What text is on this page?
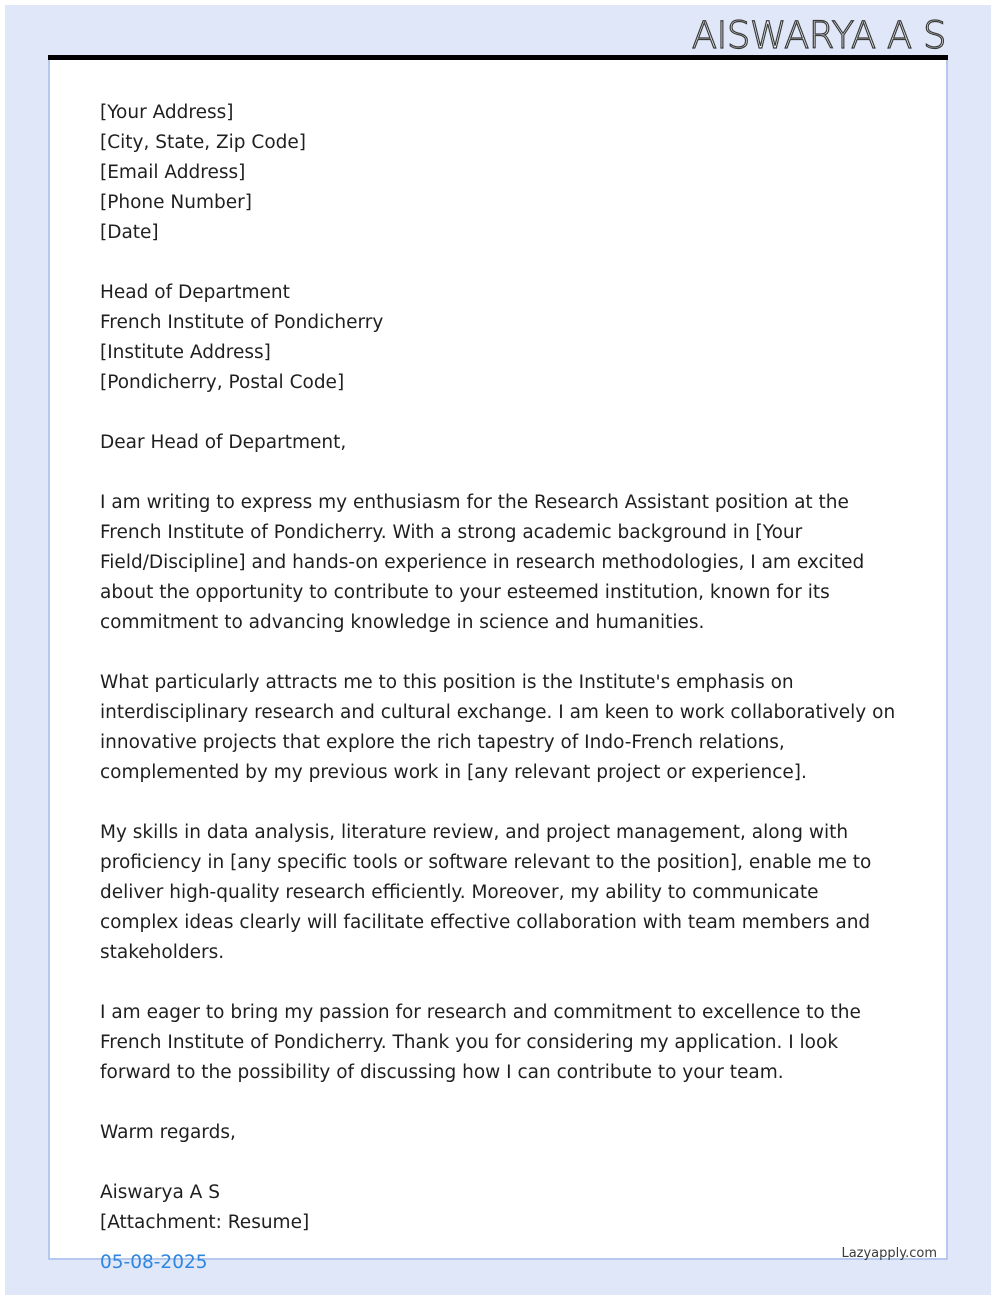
AISWARYA A S
[Your Address]
[City, State, Zip Code]
[Email Address]
[Phone Number]
[Date]
Head of Department
French Institute of Pondicherry
[Institute Address]
[Pondicherry, Postal Code]

Dear Head of Department,

I am writing to express my enthusiasm for the Research Assistant position at the French Institute of Pondicherry. With a strong academic background in [Your Field/Discipline] and hands-on experience in research methodologies, I am excited about the opportunity to contribute to your esteemed institution, known for its commitment to advancing knowledge in science and humanities.

What particularly attracts me to this position is the Institute's emphasis on interdisciplinary research and cultural exchange. I am keen to work collaboratively on innovative projects that explore the rich tapestry of Indo-French relations, complemented by my previous work in [any relevant project or experience].

My skills in data analysis, literature review, and project management, along with proficiency in [any specific tools or software relevant to the position], enable me to deliver high-quality research efficiently. Moreover, my ability to communicate complex ideas clearly will facilitate effective collaboration with team members and stakeholders.

I am eager to bring my passion for research and commitment to excellence to the French Institute of Pondicherry. Thank you for considering my application. I look forward to the possibility of discussing how I can contribute to your team.

Warm regards,

Aiswarya A S
[Attachment: Resume]
05-08-2025	Lazyapply.com
